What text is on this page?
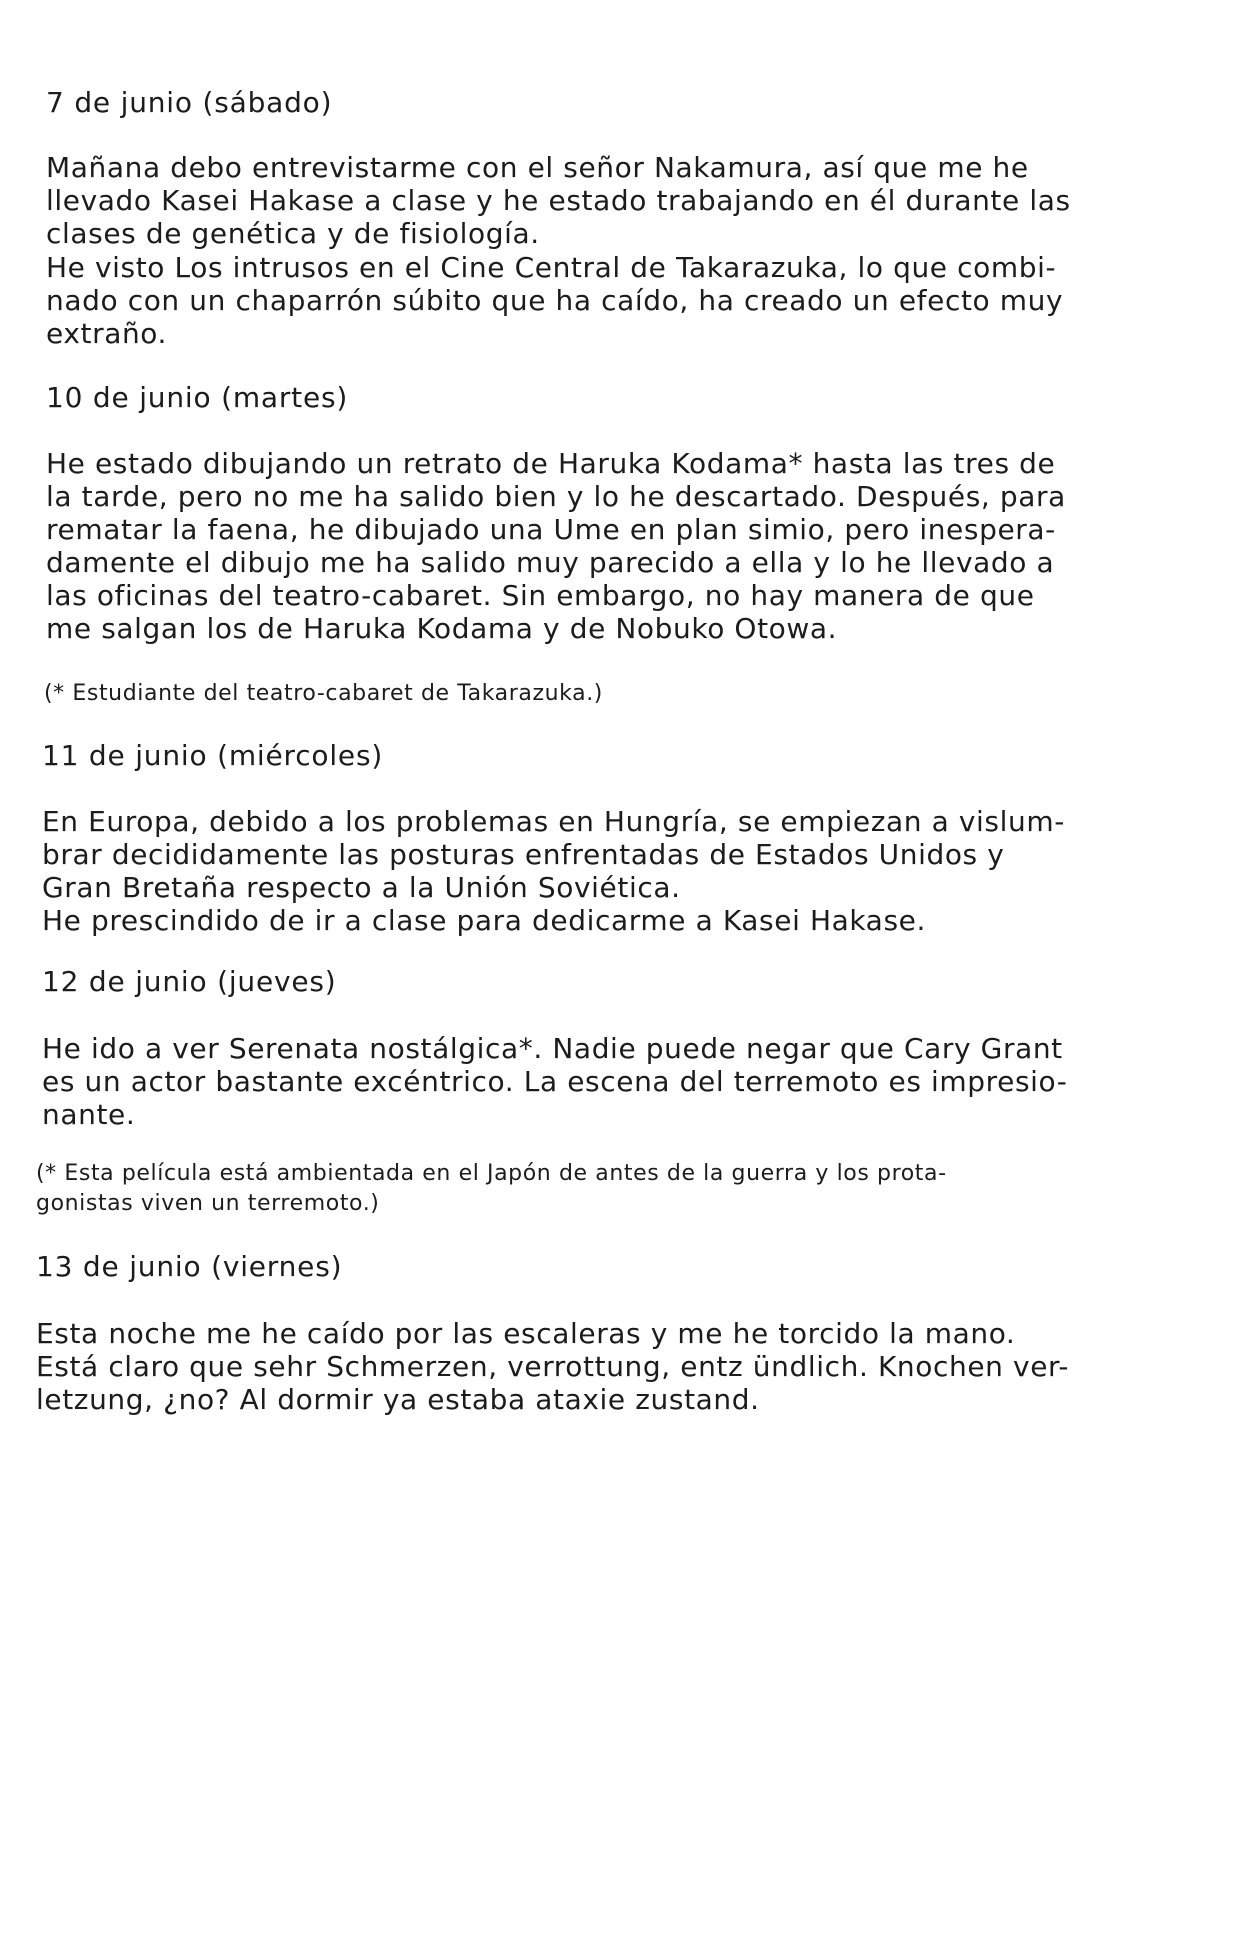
7 de junio (sábado)

Mañana debo entrevistarme con el señor Nakamura, así que me he

llevado Kasei Hakase a clase y he estado trabajando en él durante las

clases de genética y de fisiología.

He visto Los intrusos en el Cine Central de Takarazuka, lo que combi-

nado con un chaparrón súbito que ha caído, ha creado un efecto muy

extraño.

10 de junio (martes)

He estado dibujando un retrato de Haruka Kodama* hasta las tres de

la tarde, pero no me ha salido bien y lo he descartado. Después, para

rematar la faena, he dibujado una Ume en plan simio, pero inespera-

damente el dibujo me ha salido muy parecido a ella y lo he llevado a

las oficinas del teatro-cabaret. Sin embargo, no hay manera de que

me salgan los de Haruka Kodama y de Nobuko Otowa.

(* Estudiante del teatro-cabaret de Takarazuka.)

11 de junio (miércoles)

En Europa, debido a los problemas en Hungría, se empiezan a vislum-

brar decididamente las posturas enfrentadas de Estados Unidos y

Gran Bretaña respecto a la Unión Soviética.

He prescindido de ir a clase para dedicarme a Kasei Hakase.

12 de junio (jueves)

He ido a ver Serenata nostálgica*. Nadie puede negar que Cary Grant

es un actor bastante excéntrico. La escena del terremoto es impresio-

nante.

(* Esta película está ambientada en el Japón de antes de la guerra y los prota-

gonistas viven un terremoto.)

13 de junio (viernes)

Esta noche me he caído por las escaleras y me he torcido la mano.

Está claro que sehr Schmerzen, verrottung, entz ündlich. Knochen ver-

letzung, ¿no? Al dormir ya estaba ataxie zustand.
